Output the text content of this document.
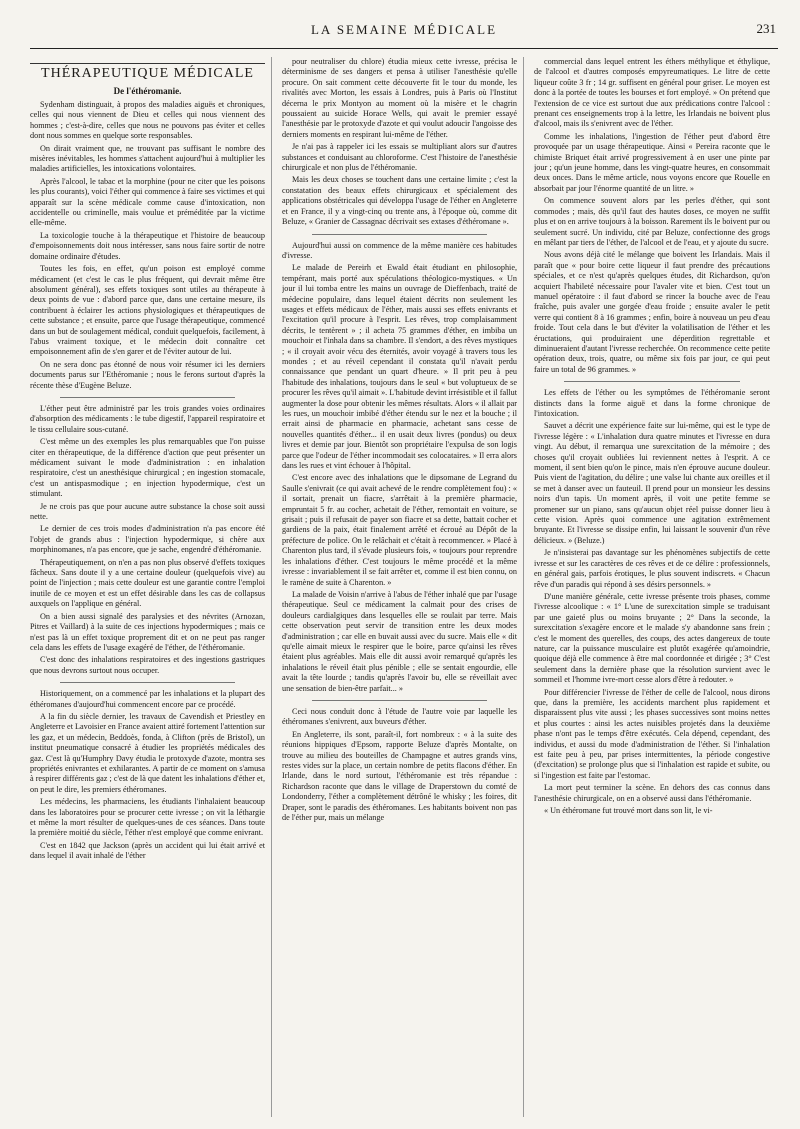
LA SEMAINE MÉDICALE	231
THÉRAPEUTIQUE MÉDICALE
De l'éthéromanie.

Sydenham distinguait, à propos des maladies aiguës et chroniques, celles qui nous viennent de Dieu et celles qui nous viennent des hommes ; c'est-à-dire, celles que nous ne pouvons pas éviter et celles dont nous sommes en quelque sorte responsables.

On dirait vraiment que, ne trouvant pas suffisant le nombre des misères inévitables, les hommes s'attachent aujourd'hui à multiplier les maladies artificielles, les intoxications volontaires.

Après l'alcool, le tabac et la morphine (pour ne citer que les poisons les plus courants), voici l'éther qui commence à faire ses victimes et qui apparaît sur la scène médicale comme cause d'intoxication, non accidentelle ou criminelle, mais voulue et préméditée par la victime elle-même.

La toxicologie touche à la thérapeutique et l'histoire de beaucoup d'empoisonnements doit nous intéresser, sans nous faire sortir de notre domaine ordinaire d'études.

Toutes les fois, en effet, qu'un poison est employé comme médicament (et c'est le cas le plus fréquent, qui devrait même être absolument général), ses effets toxiques sont utiles au thérapeute à deux points de vue : d'abord parce que, dans une certaine mesure, ils contribuent à éclairer les actions physiologiques et thérapeutiques de cette substance ; et ensuite, parce que l'usage thérapeutique, commencé dans un but de soulagement médical, conduit quelquefois, facilement, à l'abus vraiment toxique, et le médecin doit connaître cet empoisonnement afin de s'en garer et de l'éviter autour de lui.

On ne sera donc pas étonné de nous voir résumer ici les derniers documents parus sur l'Ethéromanie ; nous le ferons surtout d'après la récente thèse d'Eugène Beluze.

L'éther peut être administré par les trois grandes voies ordinaires d'absorption des médicaments : le tube digestif, l'appareil respiratoire et le tissu cellulaire sous-cutané.

C'est même un des exemples les plus remarquables que l'on puisse citer en thérapeutique, de la différence d'action que peut présenter un médicament suivant le mode d'administration : en inhalation respiratoire, c'est un anesthésique chirurgical ; en ingestion stomacale, c'est un antispasmodique ; en injection hypodermique, c'est un stimulant.

Je ne crois pas que pour aucune autre substance la chose soit aussi nette.

Le dernier de ces trois modes d'administration n'a pas encore été l'objet de grands abus : l'injection hypodermique, si chère aux morphinomanes, n'a pas encore, que je sache, engendré d'éthéromanie.

Thérapeutiquement, on n'en a pas non plus observé d'effets toxiques fâcheux. Sans doute il y a une certaine douleur (quelquefois vive) au point de l'injection ; mais cette douleur est une garantie contre l'emploi inutile de ce moyen et est un effet désirable dans les cas de collapsus auxquels on l'applique en général.

On a bien aussi signalé des paralysies et des névrites (Arnozan, Pitres et Vaillard) à la suite de ces injections hypodermiques ; mais ce n'est pas là un effet toxique proprement dit et on ne peut pas ranger cela dans les effets de l'usage exagéré de l'éther, de l'éthéromanie.

C'est donc des inhalations respiratoires et des ingestions gastriques que nous devrons surtout nous occuper.

Historiquement, on a commencé par les inhalations et la plupart des éthéromanes d'aujourd'hui commencent encore par ce procédé.

A la fin du siècle dernier, les travaux de Cavendish et Priestley en Angleterre et Lavoisier en France avaient attiré fortement l'attention sur les gaz, et un médecin, Beddoès, fonda, à Clifton (près de Bristol), un institut pneumatique consacré à étudier les propriétés médicales des gaz. C'est là qu'Humphry Davy étudia le protoxyde d'azote, montra ses propriétés enivrantes et exhilarantes. A partir de ce moment on s'amusa à respirer différents gaz ; c'est de là que datent les inhalations d'éther et, on peut le dire, les premiers éthéromanes.

Les médecins, les pharmaciens, les étudiants l'inhalaient beaucoup dans les laboratoires pour se procurer cette ivresse ; on vit la léthargie et même la mort résulter de quelques-unes de ces séances. Dans toute la première moitié du siècle, l'éther n'est employé que comme enivrant.

C'est en 1842 que Jackson (après un accident qui lui était arrivé et dans lequel il avait inhalé de l'éther

pour neutraliser du chlore) étudia mieux cette ivresse, précisa le déterminisme de ses dangers et pensa à utiliser l'anesthésie qu'elle procure. On sait comment cette découverte fit le tour du monde, les rivalités avec Morton, les essais à Londres, puis à Paris où l'Institut décerna le prix Montyon au moment où la misère et le chagrin poussaient au suicide Horace Wells, qui avait le premier essayé l'anesthésie par le protoxyde d'azote et qui voulut adoucir l'angoisse des derniers moments en respirant lui-même de l'éther.

Je n'ai pas à rappeler ici les essais se multipliant alors sur d'autres substances et conduisant au chloroforme. C'est l'histoire de l'anesthésie chirurgicale et non plus de l'éthéromanie.

Mais les deux choses se touchent dans une certaine limite ; c'est la constatation des beaux effets chirurgicaux et spécialement des applications obstétricales qui développa l'usage de l'éther en Angleterre et en France, il y a vingt-cinq ou trente ans, à l'époque où, comme dit Beluze, « Granier de Cassagnac décrivait ses extases d'éthéromane ».

Aujourd'hui aussi on commence de la même manière ces habitudes d'ivresse.

Le malade de Pereirh et Ewald était étudiant en philosophie, tempérant, mais porté aux spéculations théologico-mystiques. « Un jour il lui tomba entre les mains un ouvrage de Dieffenbach, traité de médecine populaire, dans lequel étaient décrits non seulement les usages et effets médicaux de l'éther, mais aussi ses effets enivrants et l'excitation qu'il procure à l'esprit. Les rêves, trop complaisamment décrits, le tentèrent » ; il acheta 75 grammes d'éther, en imbiba un mouchoir et l'inhala dans sa chambre. Il s'endort, a des rêves mystiques ; « il croyait avoir vécu des éternités, avoir voyagé à travers tous les mondes ; et au réveil cependant il constata qu'il n'avait perdu connaissance que pendant un quart d'heure. » Il prit peu à peu l'habitude des inhalations, toujours dans le seul « but voluptueux de se procurer les rêves qu'il aimait ». L'habitude devint irrésistible et il fallut augmenter la dose pour obtenir les mêmes résultats. Alors « il allait par les rues, un mouchoir imbibé d'éther étendu sur le nez et la bouche ; il errait ainsi de pharmacie en pharmacie, achetant sans cesse de nouvelles quantités d'éther... il en usait deux livres (pondus) ou deux livres et demie par jour. Bientôt son propriétaire l'expulsa de son logis parce que l'odeur de l'éther incommodait ses colocataires. » Il erra alors dans les rues et vint échouer à l'hôpital.

C'est encore avec des inhalations que le dipsomane de Legrand du Saulle s'enivrait (ce qui avait achevé de le rendre complètement fou) : « il sortait, prenait un fiacre, s'arrêtait à la première pharmacie, empruntait 5 fr. au cocher, achetait de l'éther, remontait en voiture, se grisait ; puis il refusait de payer son fiacre et sa dette, battait cocher et gardiens de la paix, était finalement arrêté et écroué au Dépôt de la préfecture de police. On le relâchait et c'était à recommencer. » Placé à Charenton plus tard, il s'évade plusieurs fois, « toujours pour reprendre les inhalations d'éther. C'est toujours le même procédé et la même ivresse : invariablement il se fait arrêter et, comme il est bien connu, on le ramène de suite à Charenton. »

La malade de Voisin n'arrive à l'abus de l'éther inhalé que par l'usage thérapeutique. Seul ce médicament la calmait pour des crises de douleurs cardialgiques dans lesquelles elle se roulait par terre. Mais cette observation peut servir de transition entre les deux modes d'administration ; car elle en buvait aussi avec du sucre. Mais elle « dit qu'elle aimait mieux le respirer que le boire, parce qu'ainsi les rêves étaient plus agréables. Mais elle dit aussi avoir remarqué qu'après les inhalations le réveil était plus pénible ; elle se sentait engourdie, elle avait la tête lourde ; tandis qu'après l'avoir bu, elle se réveillait avec une sensation de bien-être parfait... »

Ceci nous conduit donc à l'étude de l'autre voie par laquelle les éthéromanes s'enivrent, aux buveurs d'éther.

En Angleterre, ils sont, paraît-il, fort nombreux : « à la suite des réunions hippiques d'Epsom, rapporte Beluze d'après Montalte, on trouve au milieu des bouteilles de Champagne et autres grands vins, restes vides sur la place, un certain nombre de petits flacons d'éther. En Irlande, dans le nord surtout, l'éthéromanie est très répandue : Richardson raconte que dans le village de Draperstown du comté de Londonderry, l'éther a complètement détrôné le whisky ; les foires, dit Draper, sont le paradis des éthéromanes. Les habitants boivent non pas de l'éther pur, mais un mélange

commercial dans lequel entrent les éthers méthylique et éthylique, de l'alcool et d'autres composés empyreumatiques. Le litre de cette liqueur coûte 3 fr ; 14 gr. suffisent en général pour griser. Le moyen est donc à la portée de toutes les bourses et fort employé. » On prétend que l'extension de ce vice est surtout due aux prédications contre l'alcool : prenant ces enseignements trop à la lettre, les Irlandais ne boivent plus d'alcool, mais ils s'enivrent avec de l'éther.

Comme les inhalations, l'ingestion de l'éther peut d'abord être provoquée par un usage thérapeutique. Ainsi « Pereira raconte que le chimiste Briquet était arrivé progressivement à en user une pinte par jour ; qu'un jeune homme, dans les vingt-quatre heures, en consommait deux onces. Dans le même article, nous voyons encore que Rouelle en absorbait par jour l'énorme quantité de un litre. »

On commence souvent alors par les perles d'éther, qui sont commodes ; mais, dès qu'il faut des hautes doses, ce moyen ne suffit plus et on en arrive toujours à la boisson. Rarement ils le boivent pur ou seulement sucré. Un individu, cité par Beluze, confectionne des grogs en mêlant par tiers de l'éther, de l'alcool et de l'eau, et y ajoute du sucre.

Nous avons déjà cité le mélange que boivent les Irlandais. Mais il paraît que « pour boire cette liqueur il faut prendre des précautions spéciales, et ce n'est qu'après quelques études, dit Richardson, qu'on acquiert l'habileté nécessaire pour l'avaler vite et bien. C'est tout un manuel opératoire : il faut d'abord se rincer la bouche avec de l'eau fraîche, puis avaler une gorgée d'eau froide ; ensuite avaler le petit verre qui contient 8 à 16 grammes ; enfin, boire à nouveau un peu d'eau froide. Tout cela dans le but d'éviter la volatilisation de l'éther et les éructations, qui produiraient une déperdition regrettable et diminueraient d'autant l'ivresse recherchée. On recommence cette petite opération deux, trois, quatre, ou même six fois par jour, ce qui peut faire un total de 96 grammes. »

Les effets de l'éther ou les symptômes de l'éthéromanie seront distincts dans la forme aiguë et dans la forme chronique de l'intoxication.

Sauvet a décrit une expérience faite sur lui-même, qui est le type de l'ivresse légère : « L'inhalation dura quatre minutes et l'ivresse en dura vingt. Au début, il remarqua une surexcitation de la mémoire ; des choses qu'il croyait oubliées lui reviennent nettes à l'esprit. A ce moment, il sent bien qu'on le pince, mais n'en éprouve aucune douleur. Puis vient de l'agitation, du délire ; une valse lui chante aux oreilles et il se met à danser avec un fauteuil. Il prend pour un monsieur les dessins noirs d'un tapis. Un moment après, il voit une petite femme se promener sur un piano, sans qu'aucun objet réel puisse donner lieu à cette vision. Après quoi commence une agitation extrêmement bruyante. Et l'ivresse se dissipe enfin, lui laissant le souvenir d'un rêve délicieux. » (Beluze.)

Je n'insisterai pas davantage sur les phénomènes subjectifs de cette ivresse et sur les caractères de ces rêves et de ce délire : professionnels, en général gais, parfois érotiques, le plus souvent indiscrets. « Chacun rêve d'un paradis qui répond à ses désirs personnels. »

D'une manière générale, cette ivresse présente trois phases, comme l'ivresse alcoolique : « 1° L'une de surexcitation simple se traduisant par une gaieté plus ou moins bruyante ; 2° Dans la seconde, la surexcitation s'exagère encore et le malade s'y abandonne sans frein ; c'est le moment des querelles, des coups, des actes dangereux de toute nature, car la puissance musculaire est plutôt exagérée qu'amoindrie, quoique déjà elle commence à être mal coordonnée et dirigée ; 3° C'est seulement dans la dernière phase que la résolution survient avec le sommeil et l'homme ivre-mort cesse alors d'être à redouter. »

Pour différencier l'ivresse de l'éther de celle de l'alcool, nous dirons que, dans la première, les accidents marchent plus rapidement et disparaissent plus vite aussi ; les phases successives sont moins nettes et plus courtes : ainsi les actes nuisibles projetés dans la deuxième phase n'ont pas le temps d'être exécutés. Cela dépend, cependant, des individus, et aussi du mode d'administration de l'éther. Si l'inhalation est faite peu à peu, par prises intermittentes, la période congestive (d'excitation) se prolonge plus que si l'inhalation est rapide et subite, ou si l'ingestion est faite par l'estomac.

La mort peut terminer la scène. En dehors des cas connus dans l'anesthésie chirurgicale, on en a observé aussi dans l'éthéromanie.

« Un éthéromane fut trouvé mort dans son lit, le vi-
